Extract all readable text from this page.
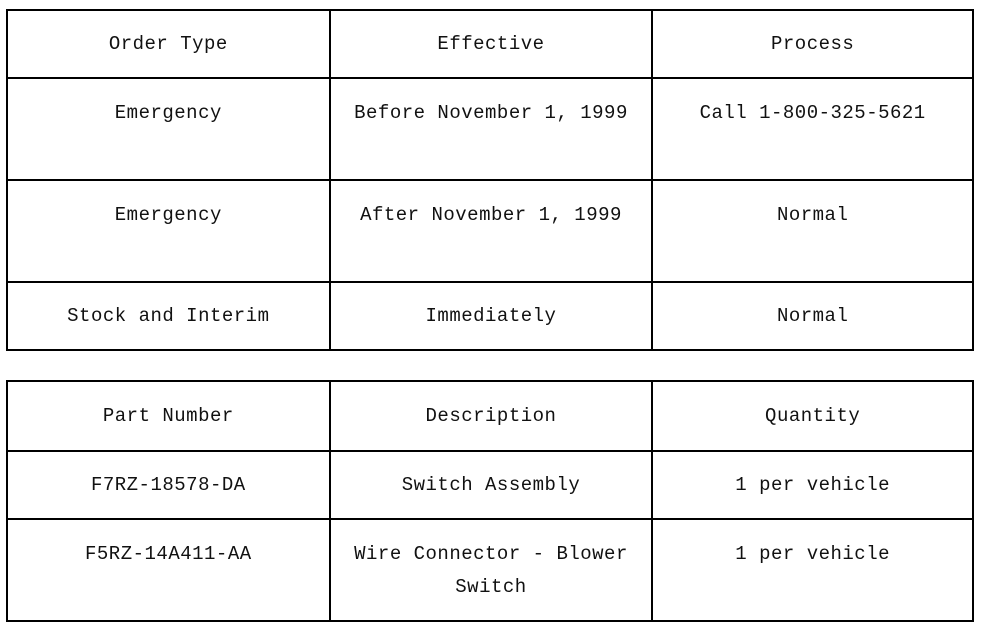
Order Type	Effective	Process
Emergency	Before November 1, 1999	Call 1-800-325-5621
Emergency	After November 1, 1999	Normal
Stock and Interim	Immediately	Normal
Part Number	Description	Quantity
F7RZ-18578-DA	Switch Assembly	1 per vehicle
F5RZ-14A411-AA	Wire Connector - Blower Switch	1 per vehicle
